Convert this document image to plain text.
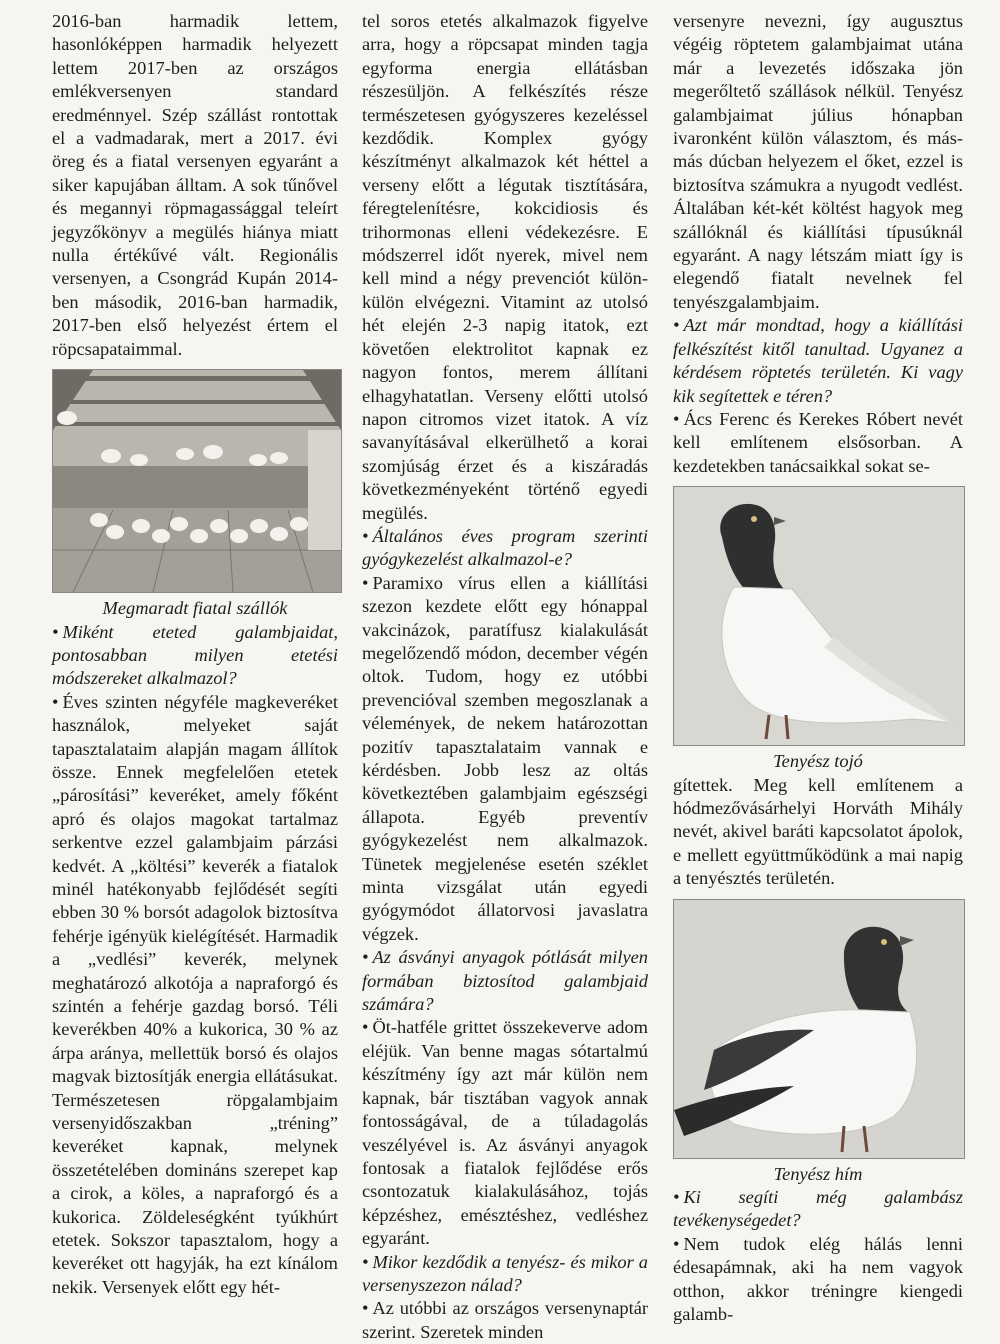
2016-ban harmadik lettem, hasonlóképpen harmadik helyezett lettem 2017-ben az országos emlékversenyen standard eredménnyel. Szép szállást rontottak el a vadmadarak, mert a 2017. évi öreg és a fiatal versenyen egyaránt a siker kapujában álltam. A sok tűnővel és megannyi röpmagassággal teleírt jegyzőkönyv a megülés hiánya miatt nulla értékűvé vált. Regionális versenyen, a Csongrád Kupán 2014-ben második, 2016-ban harmadik, 2017-ben első helyezést értem el röpcsapataimmal.

Megmaradt fiatal szállók

• Miként eteted galambjaidat, pontosabban milyen etetési módszereket alkalmazol?

• Éves szinten négyféle magkeveréket használok, melyeket saját tapasztalataim alapján magam állítok össze. Ennek megfelelően etetek „párosítási” keveréket, amely főként apró és olajos magokat tartalmaz serkentve ezzel galambjaim párzási kedvét. A „költési” keverék a fiatalok minél hatékonyabb fejlődését segíti ebben 30 % borsót adagolok biztosítva fehérje igényük kielégítését. Harmadik a „vedlési” keverék, melynek meghatározó alkotója a napraforgó és szintén a fehérje gazdag borsó. Téli keverékben 40% a kukorica, 30 % az árpa aránya, mellettük borsó és olajos magvak biztosítják energia ellátásukat. Természetesen röpgalambjaim versenyidőszakban „tréning” keveréket kapnak, melynek összetételében domináns szerepet kap a cirok, a köles, a napraforgó és a kukorica. Zöldeleségként tyúkhúrt etetek. Sokszor tapasztalom, hogy a keveréket ott hagyják, ha ezt kínálom nekik. Versenyek előtt egy hét-

tel soros etetés alkalmazok figyelve arra, hogy a röpcsapat minden tagja egyforma energia ellátásban részesüljön. A felkészítés része természetesen gyógyszeres kezeléssel kezdődik. Komplex gyógy készítményt alkalmazok két héttel a verseny előtt a légutak tisztítására, féregtelenítésre, kokcidiosis és trihormonas elleni védekezésre. E módszerrel időt nyerek, mivel nem kell mind a négy prevenciót külön-külön elvégezni. Vitamint az utolsó hét elején 2-3 napig itatok, ezt követően elektrolitot kapnak ez nagyon fontos, merem állítani elhagyhatatlan. Verseny előtti utolsó napon citromos vizet itatok. A víz savanyításával elkerülhető a korai szomjúság érzet és a kiszáradás következményeként történő egyedi megülés.

• Általános éves program szerinti gyógykezelést alkalmazol-e?

• Paramixo vírus ellen a kiállítási szezon kezdete előtt egy hónappal vakcinázok, paratífusz kialakulását megelőzendő módon, december végén oltok. Tudom, hogy ez utóbbi prevencióval szemben megoszlanak a vélemények, de nekem határozottan pozitív tapasztalataim vannak e kérdésben. Jobb lesz az oltás következtében galambjaim egészségi állapota. Egyéb preventív gyógykezelést nem alkalmazok. Tünetek megjelenése esetén széklet minta vizsgálat után egyedi gyógymódot állatorvosi javaslatra végzek.

• Az ásványi anyagok pótlását milyen formában biztosítod galambjaid számára?

• Öt-hatféle grittet összekeverve adom eléjük. Van benne magas sótartalmú készítmény így azt már külön nem kapnak, bár tisztában vagyok annak fontosságával, de a túladagolás veszélyével is. Az ásványi anyagok fontosak a fiatalok fejlődése erős csontozatuk kialakulásához, tojás képzéshez, emésztéshez, vedléshez egyaránt.

• Mikor kezdődik a tenyész- és mikor a versenyszezon nálad?

• Az utóbbi az országos versenynaptár szerint. Szeretek minden

versenyre nevezni, így augusztus végéig röptetem galambjaimat utána már a levezetés időszaka jön megerőltető szállások nélkül. Tenyész galambjaimat július hónapban ivaronként külön választom, és más-más dúcban helyezem el őket, ezzel is biztosítva számukra a nyugodt vedlést. Általában két-két költést hagyok meg szállóknál és kiállítási típusúknál egyaránt. A nagy létszám miatt így is elegendő fiatalt nevelnek fel tenyészgalambjaim.

• Azt már mondtad, hogy a kiállítási felkészítést kitől tanultad. Ugyanez a kérdésem röptetés területén. Ki vagy kik segítettek e téren?

• Ács Ferenc és Kerekes Róbert nevét kell említenem elsősorban. A kezdetekben tanácsaikkal sokat se-

Tenyész tojó

gítettek. Meg kell említenem a hódmezővásárhelyi Horváth Mihály nevét, akivel baráti kapcsolatot ápolok, e mellett együttműködünk a mai napig a tenyésztés területén.

Tenyész hím

• Ki segíti még galambász tevékenységedet?

• Nem tudok elég hálás lenni édesapámnak, aki ha nem vagyok otthon, akkor tréningre kiengedi galamb-
